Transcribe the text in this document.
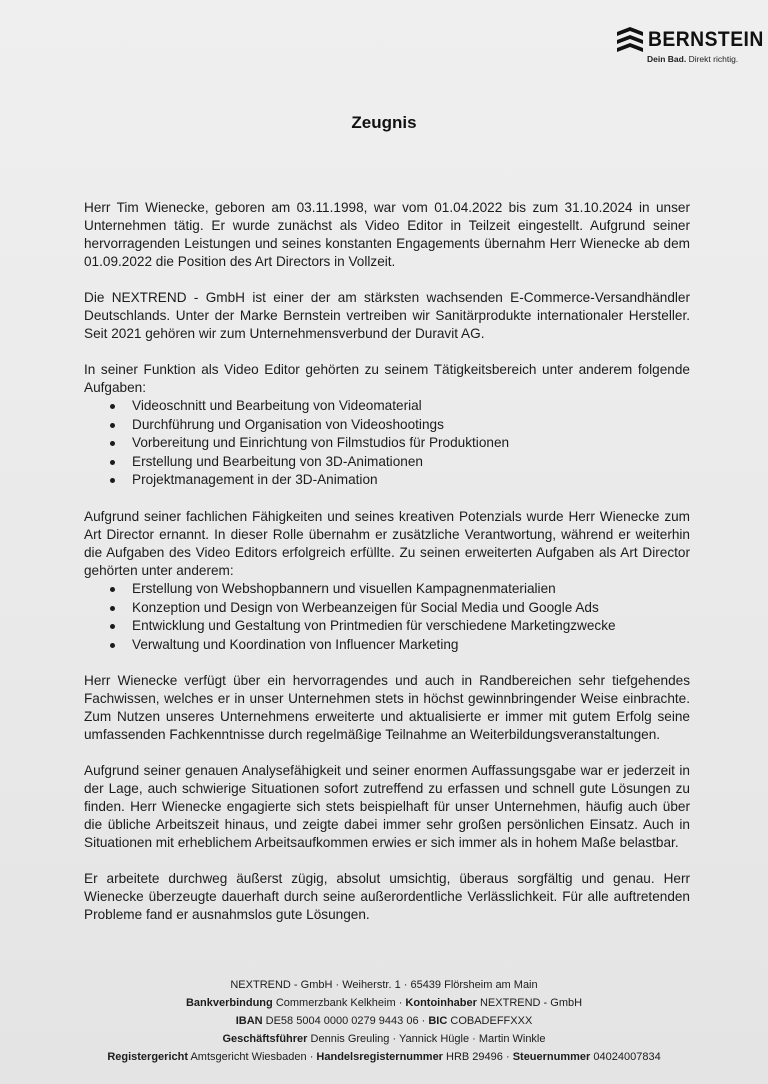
BERNSTEIN
Dein Bad. Direkt richtig.
Zeugnis

Herr Tim Wienecke, geboren am 03.11.1998, war vom 01.04.2022 bis zum 31.10.2024 in unser Unternehmen tätig. Er wurde zunächst als Video Editor in Teilzeit eingestellt. Aufgrund seiner hervorragenden Leistungen und seines konstanten Engagements übernahm Herr Wienecke ab dem 01.09.2022 die Position des Art Directors in Vollzeit.

Die NEXTREND - GmbH ist einer der am stärksten wachsenden E-Commerce-Versandhändler Deutschlands. Unter der Marke Bernstein vertreiben wir Sanitärprodukte internationaler Hersteller. Seit 2021 gehören wir zum Unternehmensverbund der Duravit AG.

In seiner Funktion als Video Editor gehörten zu seinem Tätigkeitsbereich unter anderem folgende Aufgaben:

Videoschnitt und Bearbeitung von Videomaterial
Durchführung und Organisation von Videoshootings
Vorbereitung und Einrichtung von Filmstudios für Produktionen
Erstellung und Bearbeitung von 3D-Animationen
Projektmanagement in der 3D-Animation

Aufgrund seiner fachlichen Fähigkeiten und seines kreativen Potenzials wurde Herr Wienecke zum Art Director ernannt. In dieser Rolle übernahm er zusätzliche Verantwortung, während er weiterhin die Aufgaben des Video Editors erfolgreich erfüllte. Zu seinen erweiterten Aufgaben als Art Director gehörten unter anderem:

Erstellung von Webshopbannern und visuellen Kampagnenmaterialien
Konzeption und Design von Werbeanzeigen für Social Media und Google Ads
Entwicklung und Gestaltung von Printmedien für verschiedene Marketingzwecke
Verwaltung und Koordination von Influencer Marketing

Herr Wienecke verfügt über ein hervorragendes und auch in Randbereichen sehr tiefgehendes Fachwissen, welches er in unser Unternehmen stets in höchst gewinnbringender Weise einbrachte. Zum Nutzen unseres Unternehmens erweiterte und aktualisierte er immer mit gutem Erfolg seine umfassenden Fachkenntnisse durch regelmäßige Teilnahme an Weiterbildungsveranstaltungen.

Aufgrund seiner genauen Analysefähigkeit und seiner enormen Auffassungsgabe war er jederzeit in der Lage, auch schwierige Situationen sofort zutreffend zu erfassen und schnell gute Lösungen zu finden. Herr Wienecke engagierte sich stets beispielhaft für unser Unternehmen, häufig auch über die übliche Arbeitszeit hinaus, und zeigte dabei immer sehr großen persönlichen Einsatz. Auch in Situationen mit erheblichem Arbeitsaufkommen erwies er sich immer als in hohem Maße belastbar.

Er arbeitete durchweg äußerst zügig, absolut umsichtig, überaus sorgfältig und genau. Herr Wienecke überzeugte dauerhaft durch seine außerordentliche Verlässlichkeit. Für alle auftretenden Probleme fand er ausnahmslos gute Lösungen.

NEXTREND - GmbH · Weiherstr. 1 · 65439 Flörsheim am Main
Bankverbindung Commerzbank Kelkheim · Kontoinhaber NEXTREND - GmbH
IBAN DE58 5004 0000 0279 9443 06 · BIC COBADEFFXXX
Geschäftsführer Dennis Greuling · Yannick Hügle · Martin Winkle
Registergericht Amtsgericht Wiesbaden · Handelsregisternummer HRB 29496 · Steuernummer 04024007834
